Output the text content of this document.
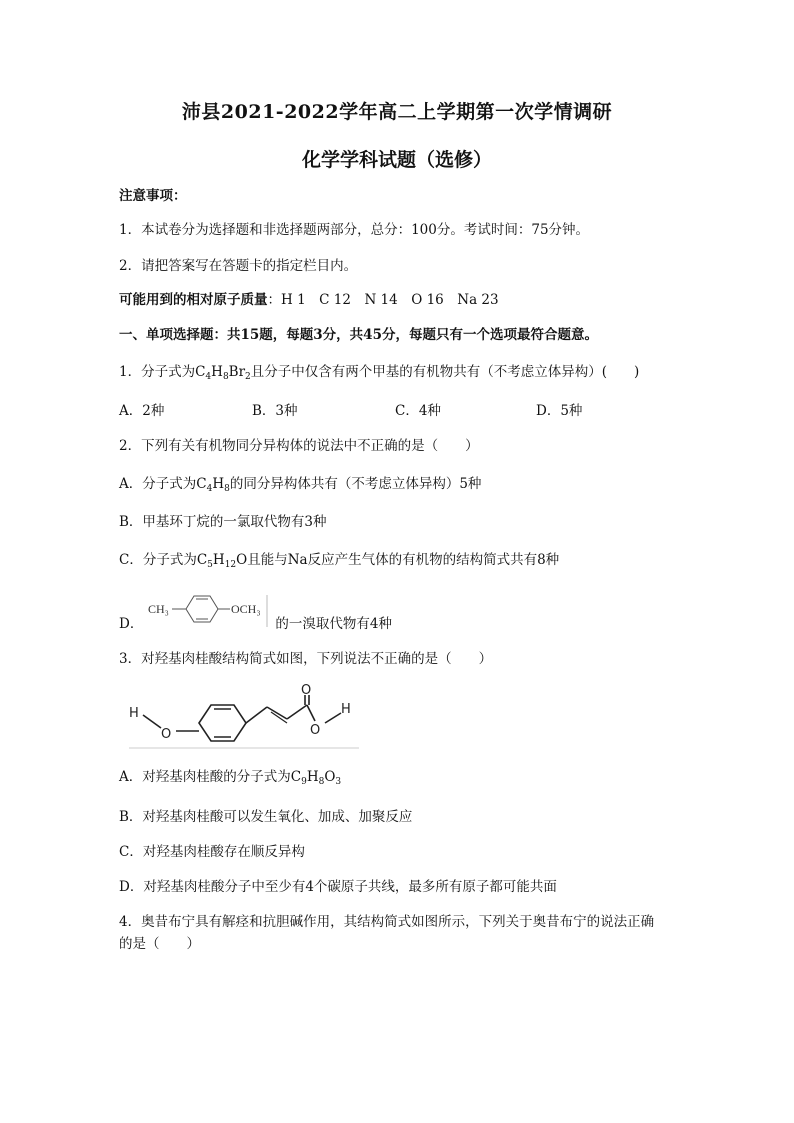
沛县2021-2022学年高二上学期第一次学情调研
化学学科试题（选修）
注意事项：
1．本试卷分为选择题和非选择题两部分，总分：100分。考试时间：75分钟。
2．请把答案写在答题卡的指定栏目内。
可能用到的相对原子质量：H 1　C 12　N 14　O 16　Na 23
一、单项选择题：共15题，每题3分，共45分，每题只有一个选项最符合题意。
1．分子式为$C_4H_8Br_2$且分子中仅含有两个甲基的有机物共有（不考虑立体异构）(　　)
A．2种	B．3种	C．4种	D．5种
2．下列有关有机物同分异构体的说法中不正确的是（　　）
A．分子式为$C_4H_8$的同分异构体共有（不考虑立体异构）5种
B．甲基环丁烷的一氯取代物有3种
C．分子式为$C_5H_{12}O$且能与Na反应产生气体的有机物的结构简式共有8种
CH₃	OCH₃
D．	的一溴取代物有4种
3．对羟基肉桂酸结构简式如图，下列说法不正确的是（　　）
H
O
O
O
H
A．对羟基肉桂酸的分子式为$C_9H_8O_3$
B．对羟基肉桂酸可以发生氧化、加成、加聚反应
C．对羟基肉桂酸存在顺反异构
D．对羟基肉桂酸分子中至少有4个碳原子共线，最多所有原子都可能共面
4．奥昔布宁具有解痉和抗胆碱作用，其结构简式如图所示，下列关于奥昔布宁的说法正确
的是（　　）
